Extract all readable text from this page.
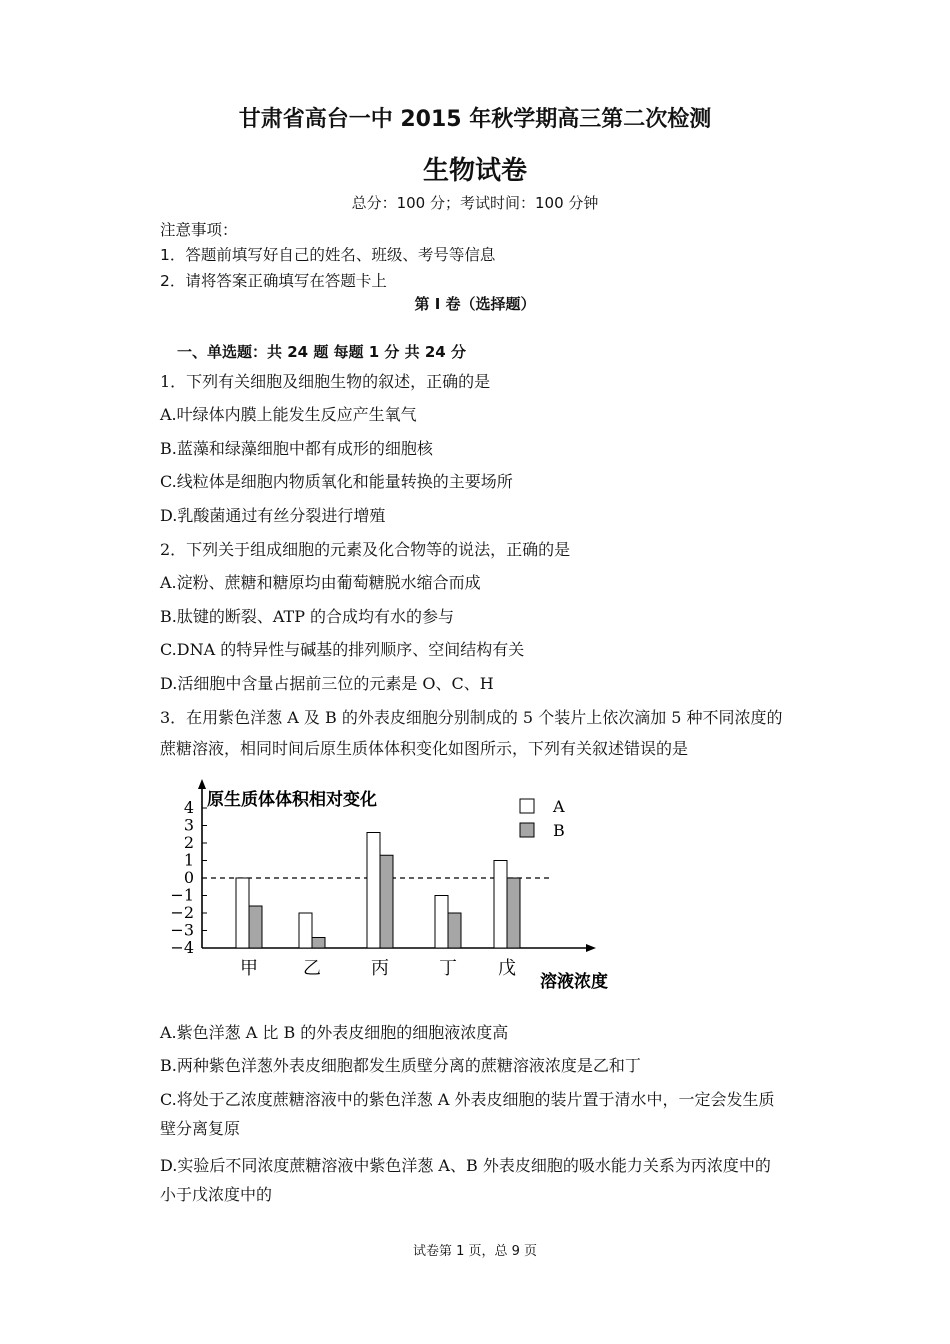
甘肃省高台一中 2015 年秋学期高三第二次检测
生物试卷
总分：100 分；考试时间：100 分钟
注意事项：
1．答题前填写好自己的姓名、班级、考号等信息
2．请将答案正确填写在答题卡上
第 I 卷（选择题）
一、单选题：共 24 题 每题 1 分 共 24 分
1．下列有关细胞及细胞生物的叙述，正确的是
A.叶绿体内膜上能发生反应产生氧气
B.蓝藻和绿藻细胞中都有成形的细胞核
C.线粒体是细胞内物质氧化和能量转换的主要场所
D.乳酸菌通过有丝分裂进行增殖
2．下列关于组成细胞的元素及化合物等的说法，正确的是
A.淀粉、蔗糖和糖原均由葡萄糖脱水缩合而成
B.肽键的断裂、ATP 的合成均有水的参与
C.DNA 的特异性与碱基的排列顺序、空间结构有关
D.活细胞中含量占据前三位的元素是 O、C、H
3．在用紫色洋葱 A 及 B 的外表皮细胞分别制成的 5 个装片上依次滴加 5 种不同浓度的
蔗糖溶液，相同时间后原生质体体积变化如图所示，下列有关叙述错误的是
4
3
2
1
0
−1
−2
−3
−4
原生质体体积相对变化	A
B
甲	乙	丙	丁 戊
溶液浓度
A.紫色洋葱 A 比 B 的外表皮细胞的细胞液浓度高
B.两种紫色洋葱外表皮细胞都发生质壁分离的蔗糖溶液浓度是乙和丁
C.将处于乙浓度蔗糖溶液中的紫色洋葱 A 外表皮细胞的装片置于清水中，一定会发生质
壁分离复原
D.实验后不同浓度蔗糖溶液中紫色洋葱 A、B 外表皮细胞的吸水能力关系为丙浓度中的
小于戊浓度中的
试卷第 1 页，总 9 页
